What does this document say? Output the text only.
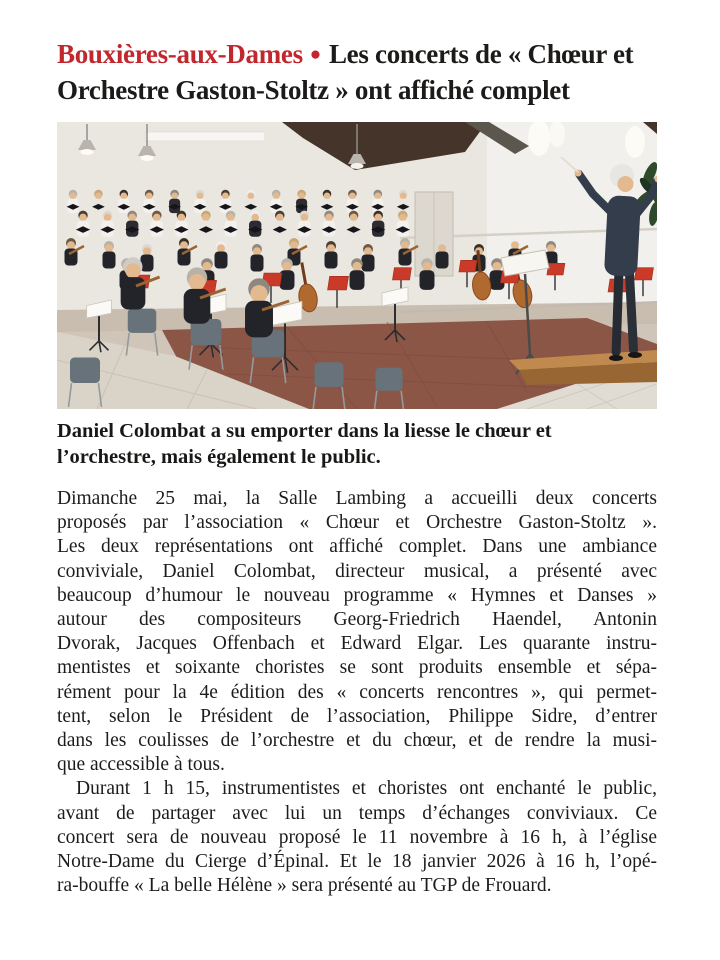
Bouxières-aux-Dames ● Les concerts de « Chœur et
Orchestre Gaston-Stoltz » ont affiché complet

Daniel Colombat a su emporter dans la liesse le chœur et
l’orchestre, mais également le public.

Dimanche 25 mai, la Salle Lambing a accueilli deux concerts
proposés par l’association « Chœur et Orchestre Gaston-Stoltz ».
Les deux représentations ont affiché complet. Dans une ambiance
conviviale, Daniel Colombat, directeur musical, a présenté avec
beaucoup d’humour le nouveau programme « Hymnes et Danses »
autour des compositeurs Georg-Friedrich Haendel, Antonin
Dvorak, Jacques Offenbach et Edward Elgar. Les quarante instru-
mentistes et soixante choristes se sont produits ensemble et sépa-
rément pour la 4e édition des « concerts rencontres », qui permet-
tent, selon le Président de l’association, Philippe Sidre, d’entrer
dans les coulisses de l’orchestre et du chœur, et de rendre la musi-
que accessible à tous.
Durant 1 h 15, instrumentistes et choristes ont enchanté le public,
avant de partager avec lui un temps d’échanges conviviaux. Ce
concert sera de nouveau proposé le 11 novembre à 16 h, à l’église
Notre-Dame du Cierge d’Épinal. Et le 18 janvier 2026 à 16 h, l’opé-
ra-bouffe « La belle Hélène » sera présenté au TGP de Frouard.
